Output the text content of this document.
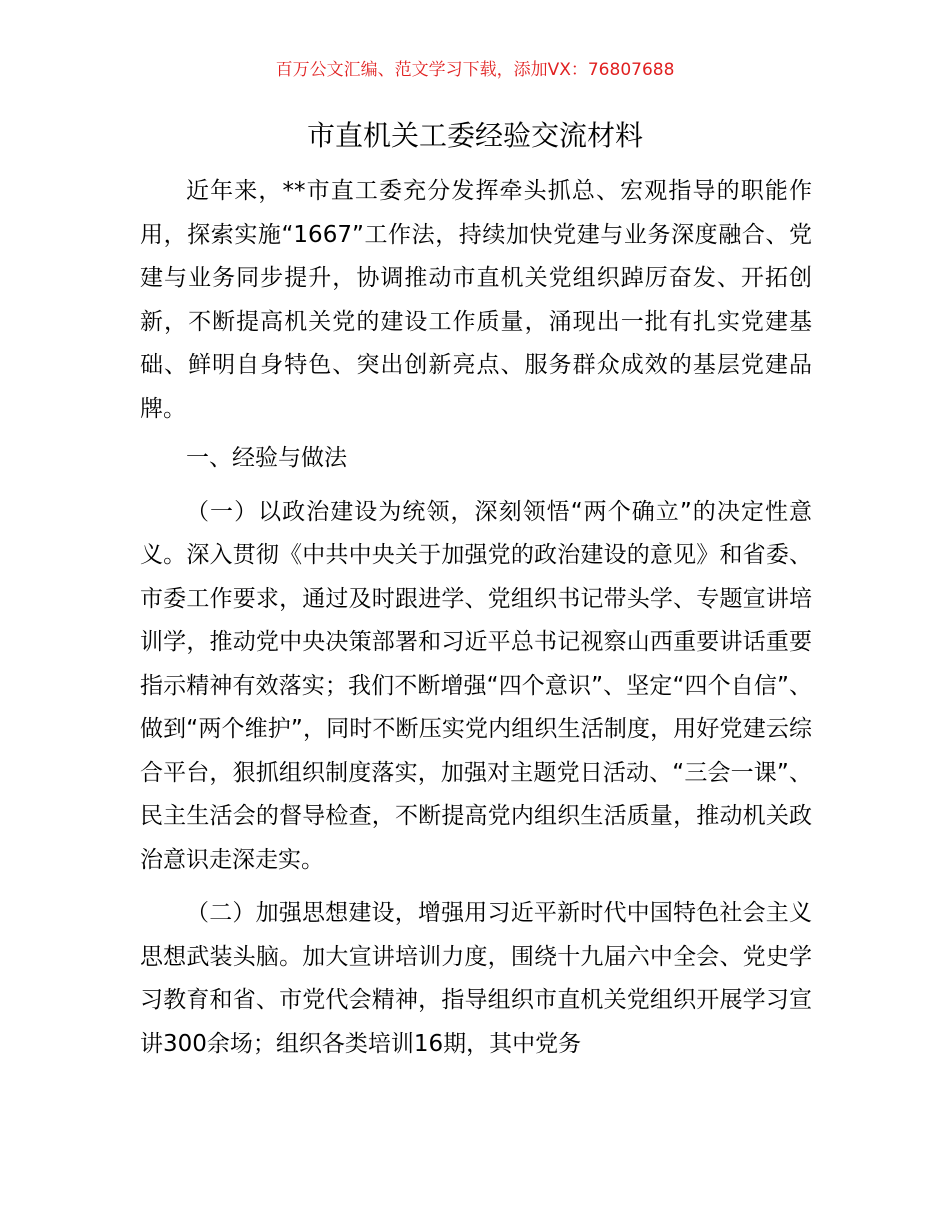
百万公文汇编、范文学习下载，添加VX：76807688
市直机关工委经验交流材料

近年来，**市直工委充分发挥牵头抓总、宏观指导的职能作用，探索实施“1667”工作法，持续加快党建与业务深度融合、党建与业务同步提升，协调推动市直机关党组织踔厉奋发、开拓创新，不断提高机关党的建设工作质量，涌现出一批有扎实党建基础、鲜明自身特色、突出创新亮点、服务群众成效的基层党建品牌。

一、经验与做法

（一）以政治建设为统领，深刻领悟“两个确立”的决定性意义。深入贯彻《中共中央关于加强党的政治建设的意见》和省委、市委工作要求，通过及时跟进学、党组织书记带头学、专题宣讲培训学，推动党中央决策部署和习近平总书记视察山西重要讲话重要指示精神有效落实；我们不断增强“四个意识”、坚定“四个自信”、做到“两个维护”，同时不断压实党内组织生活制度，用好党建云综合平台，狠抓组织制度落实，加强对主题党日活动、“三会一课”、民主生活会的督导检查，不断提高党内组织生活质量，推动机关政治意识走深走实。

（二）加强思想建设，增强用习近平新时代中国特色社会主义思想武装头脑。加大宣讲培训力度，围绕十九届六中全会、党史学习教育和省、市党代会精神，指导组织市直机关党组织开展学习宣讲300余场；组织各类培训16期，其中党务
